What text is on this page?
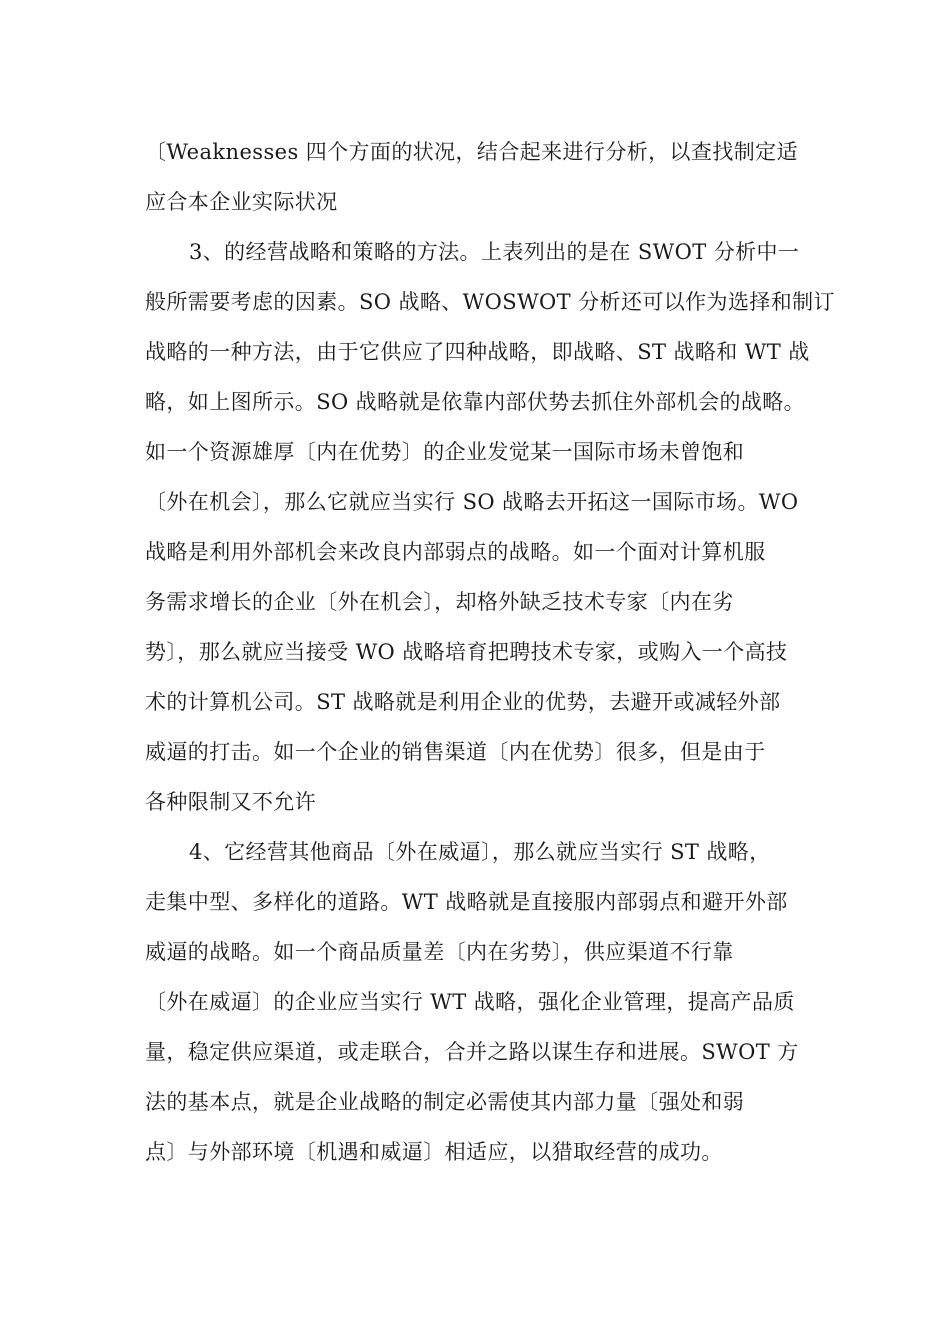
〔Weaknesses 四个方面的状况，结合起来进行分析，以查找制定适
应合本企业实际状况
3、的经营战略和策略的方法。上表列出的是在 SWOT 分析中一
般所需要考虑的因素。SO 战略、WOSWOT 分析还可以作为选择和制订
战略的一种方法，由于它供应了四种战略，即战略、ST 战略和 WT 战
略，如上图所示。SO 战略就是依靠内部伏势去抓住外部机会的战略。
如一个资源雄厚〔内在优势〕的企业发觉某一国际市场未曾饱和
〔外在机会〕，那么它就应当实行 SO 战略去开拓这一国际市场。WO
战略是利用外部机会来改良内部弱点的战略。如一个面对计算机服
务需求增长的企业〔外在机会〕，却格外缺乏技术专家〔内在劣
势〕，那么就应当接受 WO 战略培育把聘技术专家，或购入一个高技
术的计算机公司。ST 战略就是利用企业的优势，去避开或减轻外部
威逼的打击。如一个企业的销售渠道〔内在优势〕很多，但是由于
各种限制又不允许
4、它经营其他商品〔外在威逼〕，那么就应当实行 ST 战略，
走集中型、多样化的道路。WT 战略就是直接服内部弱点和避开外部
威逼的战略。如一个商品质量差〔内在劣势〕，供应渠道不行靠
〔外在威逼〕的企业应当实行 WT 战略，强化企业管理，提高产品质
量，稳定供应渠道，或走联合，合并之路以谋生存和进展。SWOT 方
法的基本点，就是企业战略的制定必需使其内部力量〔强处和弱
点〕与外部环境〔机遇和威逼〕相适应，以猎取经营的成功。
